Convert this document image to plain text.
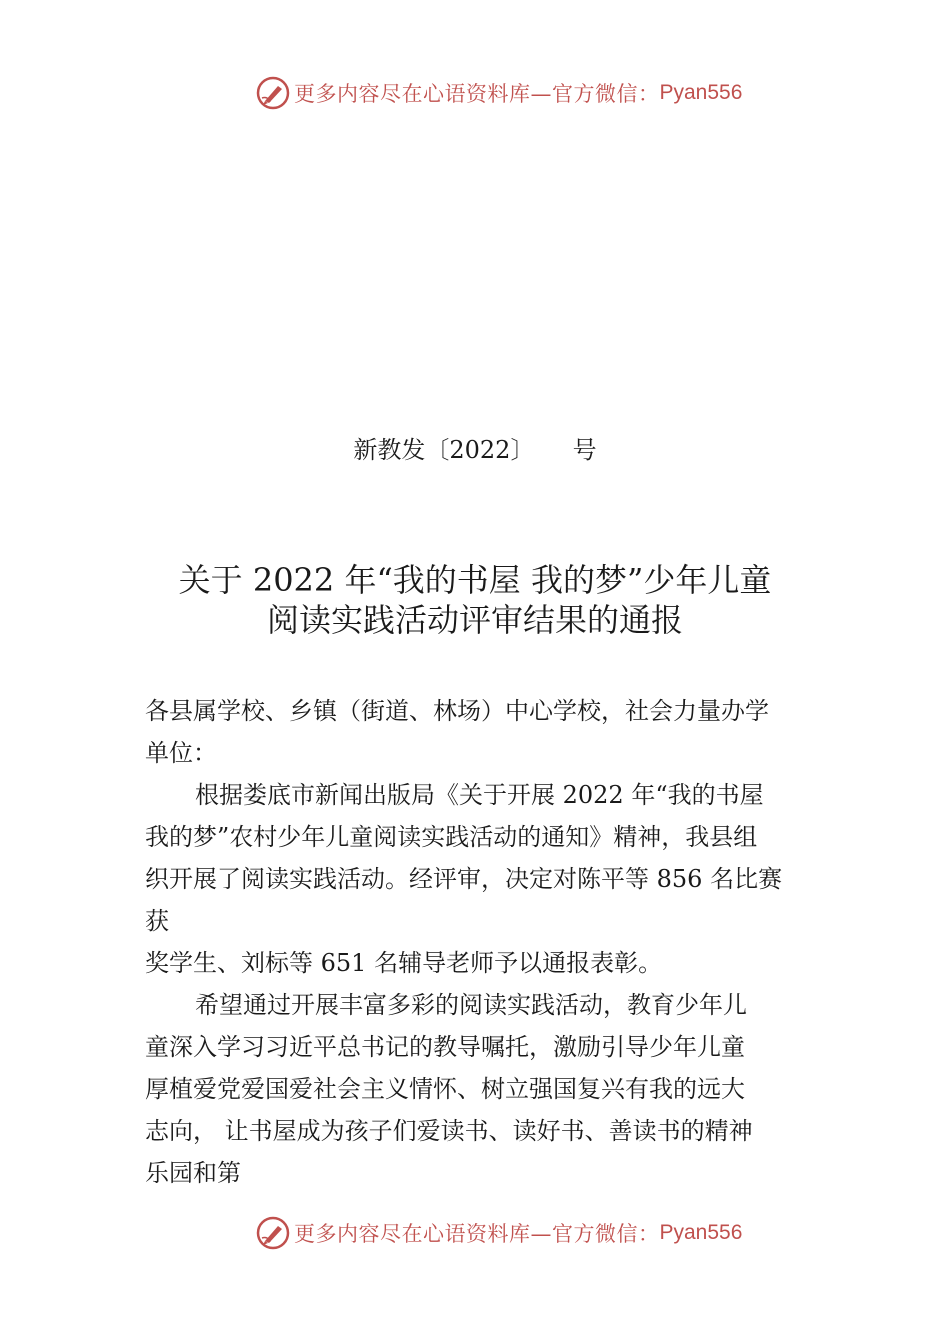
更多内容尽在心语资料库—官方微信： Pyan556
新教发〔2022〕     号
关于 2022 年“我的书屋 我的梦”少年儿童
阅读实践活动评审结果的通报

各县属学校、乡镇（街道、林场）中心学校，社会力量办学
单位：

根据娄底市新闻出版局《关于开展 2022 年“我的书屋
我的梦”农村少年儿童阅读实践活动的通知》精神，我县组
织开展了阅读实践活动。经评审，决定对陈平等 856 名比赛
获
奖学生、刘标等 651 名辅导老师予以通报表彰。

希望通过开展丰富多彩的阅读实践活动，教育少年儿
童深入学习习近平总书记的教导嘱托，激励引导少年儿童
厚植爱党爱国爱社会主义情怀、树立强国复兴有我的远大
志向， 让书屋成为孩子们爱读书、读好书、善读书的精神
乐园和第

更多内容尽在心语资料库—官方微信： Pyan556
